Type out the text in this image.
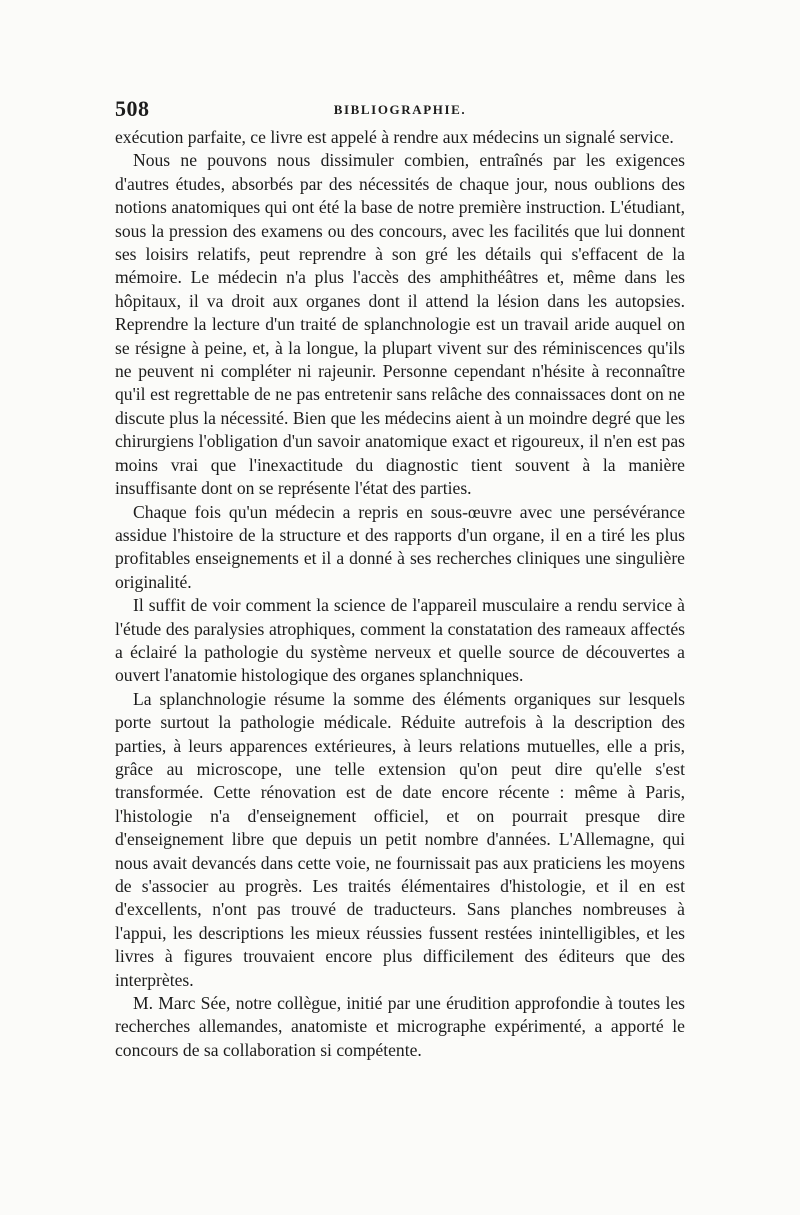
508	BIBLIOGRAPHIE.

exécution parfaite, ce livre est appelé à rendre aux médecins un signalé service.

Nous ne pouvons nous dissimuler combien, entraînés par les exigences d'autres études, absorbés par des nécessités de chaque jour, nous oublions des notions anatomiques qui ont été la base de notre première instruction. L'étudiant, sous la pression des examens ou des concours, avec les facilités que lui donnent ses loisirs relatifs, peut reprendre à son gré les détails qui s'effacent de la mémoire. Le médecin n'a plus l'accès des amphithéâtres et, même dans les hôpitaux, il va droit aux organes dont il attend la lésion dans les autopsies. Reprendre la lecture d'un traité de splanchnologie est un travail aride auquel on se résigne à peine, et, à la longue, la plupart vivent sur des réminiscences qu'ils ne peuvent ni compléter ni rajeunir. Personne cependant n'hésite à reconnaître qu'il est regrettable de ne pas entretenir sans relâche des connaissaces dont on ne discute plus la nécessité. Bien que les médecins aient à un moindre degré que les chirurgiens l'obligation d'un savoir anatomique exact et rigoureux, il n'en est pas moins vrai que l'inexactitude du diagnostic tient souvent à la manière insuffisante dont on se représente l'état des parties.

Chaque fois qu'un médecin a repris en sous-œuvre avec une persévérance assidue l'histoire de la structure et des rapports d'un organe, il en a tiré les plus profitables enseignements et il a donné à ses recherches cliniques une singulière originalité.

Il suffit de voir comment la science de l'appareil musculaire a rendu service à l'étude des paralysies atrophiques, comment la constatation des rameaux affectés a éclairé la pathologie du système nerveux et quelle source de découvertes a ouvert l'anatomie histologique des organes splanchniques.

La splanchnologie résume la somme des éléments organiques sur lesquels porte surtout la pathologie médicale. Réduite autrefois à la description des parties, à leurs apparences extérieures, à leurs relations mutuelles, elle a pris, grâce au microscope, une telle extension qu'on peut dire qu'elle s'est transformée. Cette rénovation est de date encore récente : même à Paris, l'histologie n'a d'enseignement officiel, et on pourrait presque dire d'enseignement libre que depuis un petit nombre d'années. L'Allemagne, qui nous avait devancés dans cette voie, ne fournissait pas aux praticiens les moyens de s'associer au progrès. Les traités élémentaires d'histologie, et il en est d'excellents, n'ont pas trouvé de traducteurs. Sans planches nombreuses à l'appui, les descriptions les mieux réussies fussent restées inintelligibles, et les livres à figures trouvaient encore plus difficilement des éditeurs que des interprètes.

M. Marc Sée, notre collègue, initié par une érudition approfondie à toutes les recherches allemandes, anatomiste et micrographe expérimenté, a apporté le concours de sa collaboration si compétente.
